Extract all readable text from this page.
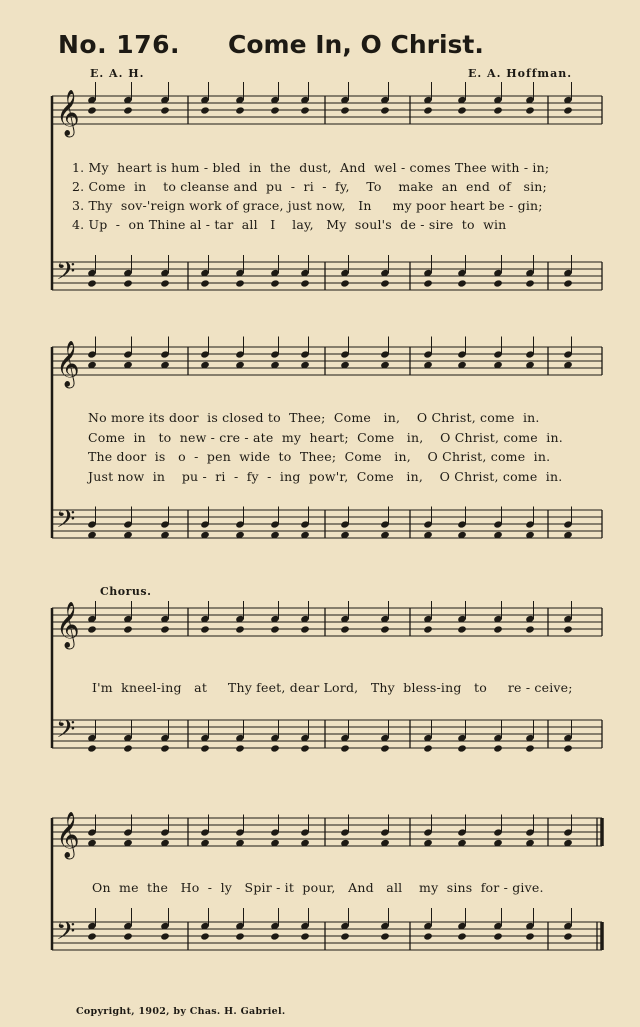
No. 176. Come In, O Christ.
E. A. H.	E. A. Hoffman.
𝄞
𝄢
𝄞
𝄢
𝄞
𝄢
𝄞
𝄢
1. My  heart is hum - bled  in  the  dust,  And  wel - comes Thee with - in;
2. Come  in    to cleanse and  pu  -  ri  -  fy,    To    make  an  end  of   sin;
3. Thy  sov-'reign work of grace, just now,   In     my poor heart be - gin;
4. Up  -  on Thine al - tar  all   I    lay,   My  soul's  de - sire  to  win
No more its door  is closed to  Thee;  Come   in,    O Christ, come  in.
Come  in   to  new - cre - ate  my  heart;  Come   in,    O Christ, come  in.
The door  is   o  -  pen  wide  to  Thee;  Come   in,    O Christ, come  in.
Just now  in    pu -  ri  -  fy  -  ing  pow'r,  Come   in,    O Christ, come  in.
Chorus.
I'm  kneel-ing   at     Thy feet, dear Lord,   Thy  bless-ing   to     re - ceive;
On  me  the   Ho  -  ly   Spir - it  pour,   And   all    my  sins  for - give.
Copyright, 1902, by Chas. H. Gabriel.
